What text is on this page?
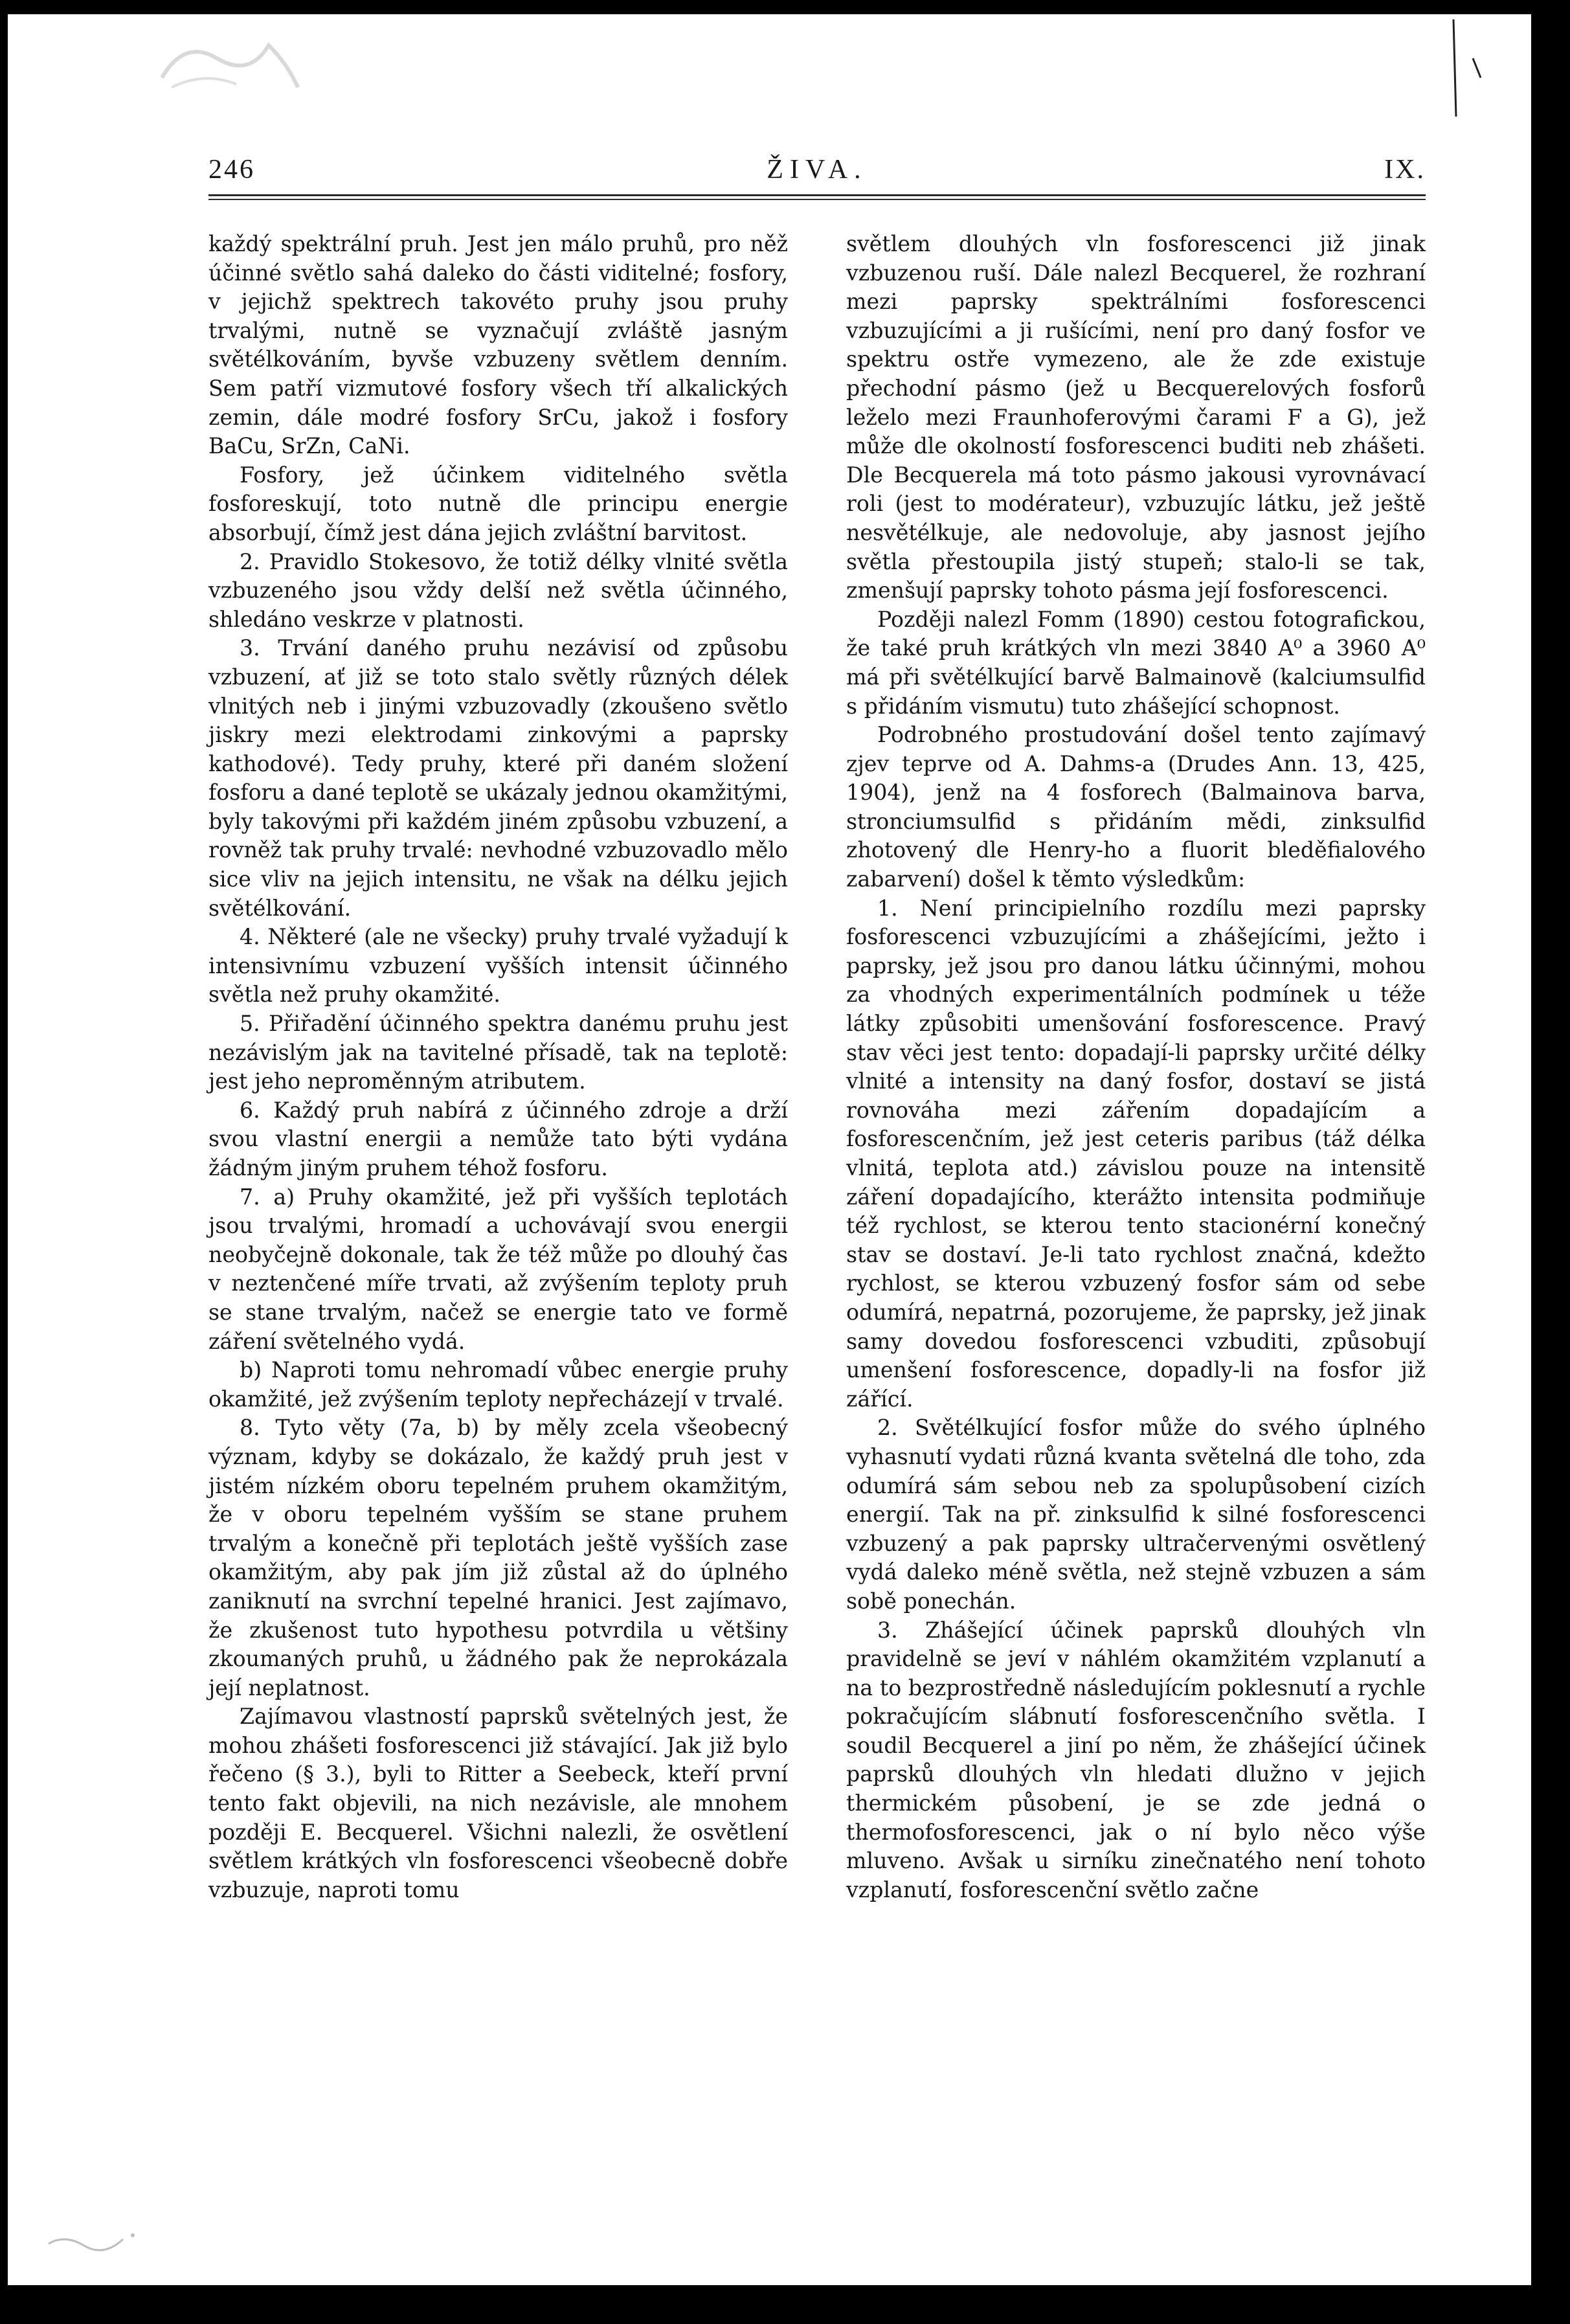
246	ŽIVA.	IX.

každý spektrální pruh. Jest jen málo pruhů, pro něž účinné světlo sahá daleko do části viditelné; fosfory, v jejichž spektrech takovéto pruhy jsou pruhy trvalými, nutně se vyznačují zvláště jasným světélkováním, byvše vzbuzeny světlem denním. Sem patří vizmutové fosfory všech tří alkalických zemin, dále modré fosfory SrCu, jakož i fosfory BaCu, SrZn, CaNi.

Fosfory, jež účinkem viditelného světla fosforeskují, toto nutně dle principu energie absorbují, čímž jest dána jejich zvláštní barvitost.

2. Pravidlo Stokesovo, že totiž délky vlnité světla vzbuzeného jsou vždy delší než světla účinného, shledáno veskrze v platnosti.

3. Trvání daného pruhu nezávisí od způsobu vzbuzení, ať již se toto stalo světly různých délek vlnitých neb i jinými vzbuzovadly (zkoušeno světlo jiskry mezi elektrodami zinkovými a paprsky kathodové). Tedy pruhy, které při daném složení fosforu a dané teplotě se ukázaly jednou okamžitými, byly takovými při každém jiném způsobu vzbuzení, a rovněž tak pruhy trvalé: nevhodné vzbuzovadlo mělo sice vliv na jejich intensitu, ne však na délku jejich světélkování.

4. Některé (ale ne všecky) pruhy trvalé vyžadují k intensivnímu vzbuzení vyšších intensit účinného světla než pruhy okamžité.

5. Přiřadění účinného spektra danému pruhu jest nezávislým jak na tavitelné přísadě, tak na teplotě: jest jeho neproměnným atributem.

6. Každý pruh nabírá z účinného zdroje a drží svou vlastní energii a nemůže tato býti vydána žádným jiným pruhem téhož fosforu.

7. a) Pruhy okamžité, jež při vyšších teplotách jsou trvalými, hromadí a uchovávají svou energii neobyčejně dokonale, tak že též může po dlouhý čas v neztenčené míře trvati, až zvýšením teploty pruh se stane trvalým, načež se energie tato ve formě záření světelného vydá.

b) Naproti tomu nehromadí vůbec energie pruhy okamžité, jež zvýšením teploty nepřecházejí v trvalé.

8. Tyto věty (7a, b) by měly zcela všeobecný význam, kdyby se dokázalo, že každý pruh jest v jistém nízkém oboru tepelném pruhem okamžitým, že v oboru tepelném vyšším se stane pruhem trvalým a konečně při teplotách ještě vyšších zase okamžitým, aby pak jím již zůstal až do úplného zaniknutí na svrchní tepelné hranici. Jest zajímavo, že zkušenost tuto hypothesu potvrdila u většiny zkoumaných pruhů, u žádného pak že neprokázala její neplatnost.

Zajímavou vlastností paprsků světelných jest, že mohou zhášeti fosforescenci již stávající. Jak již bylo řečeno (§ 3.), byli to Ritter a Seebeck, kteří první tento fakt objevili, na nich nezávisle, ale mnohem později E. Becquerel. Všichni nalezli, že osvětlení světlem krátkých vln fosforescenci všeobecně dobře vzbuzuje, naproti tomu

světlem dlouhých vln fosforescenci již jinak vzbuzenou ruší. Dále nalezl Becquerel, že rozhraní mezi paprsky spektrálními fosforescenci vzbuzujícími a ji rušícími, není pro daný fosfor ve spektru ostře vymezeno, ale že zde existuje přechodní pásmo (jež u Becquerelových fosforů leželo mezi Fraunhoferovými čarami F a G), jež může dle okolností fosforescenci buditi neb zhášeti. Dle Becquerela má toto pásmo jakousi vyrovnávací roli (jest to modérateur), vzbuzujíc látku, jež ještě nesvětélkuje, ale nedovoluje, aby jasnost jejího světla přestoupila jistý stupeň; stalo-li se tak, zmenšují paprsky tohoto pásma její fosforescenci.

Později nalezl Fomm (1890) cestou fotografickou, že také pruh krátkých vln mezi 3840 A⁰ a 3960 A⁰ má při světélkující barvě Balmainově (kalciumsulfid s přidáním vismutu) tuto zhášející schopnost.

Podrobného prostudování došel tento zajímavý zjev teprve od A. Dahms-a (Drudes Ann. 13, 425, 1904), jenž na 4 fosforech (Balmainova barva, stronciumsulfid s přidáním mědi, zinksulfid zhotovený dle Henry-ho a fluorit bleděfialového zabarvení) došel k těmto výsledkům:

1. Není principielního rozdílu mezi paprsky fosforescenci vzbuzujícími a zhášejícími, ježto i paprsky, jež jsou pro danou látku účinnými, mohou za vhodných experimentálních podmínek u téže látky způsobiti umenšování fosforescence. Pravý stav věci jest tento: dopadají-li paprsky určité délky vlnité a intensity na daný fosfor, dostaví se jistá rovnováha mezi zářením dopadajícím a fosforescenčním, jež jest ceteris paribus (táž délka vlnitá, teplota atd.) závislou pouze na intensitě záření dopadajícího, kterážto intensita podmiňuje též rychlost, se kterou tento stacionérní konečný stav se dostaví. Je-li tato rychlost značná, kdežto rychlost, se kterou vzbuzený fosfor sám od sebe odumírá, nepatrná, pozorujeme, že paprsky, jež jinak samy dovedou fosforescenci vzbuditi, způsobují umenšení fosforescence, dopadly-li na fosfor již zářící.

2. Světélkující fosfor může do svého úplného vyhasnutí vydati různá kvanta světelná dle toho, zda odumírá sám sebou neb za spolupůsobení cizích energií. Tak na př. zinksulfid k silné fosforescenci vzbuzený a pak paprsky ultračervenými osvětlený vydá daleko méně světla, než stejně vzbuzen a sám sobě ponechán.

3. Zhášející účinek paprsků dlouhých vln pravidelně se jeví v náhlém okamžitém vzplanutí a na to bezprostředně následujícím poklesnutí a rychle pokračujícím slábnutí fosforescenčního světla. I soudil Becquerel a jiní po něm, že zhášející účinek paprsků dlouhých vln hledati dlužno v jejich thermickém působení, je se zde jedná o thermofosforescenci, jak o ní bylo něco výše mluveno. Avšak u sirníku zinečnatého není tohoto vzplanutí, fosforescenční světlo začne
